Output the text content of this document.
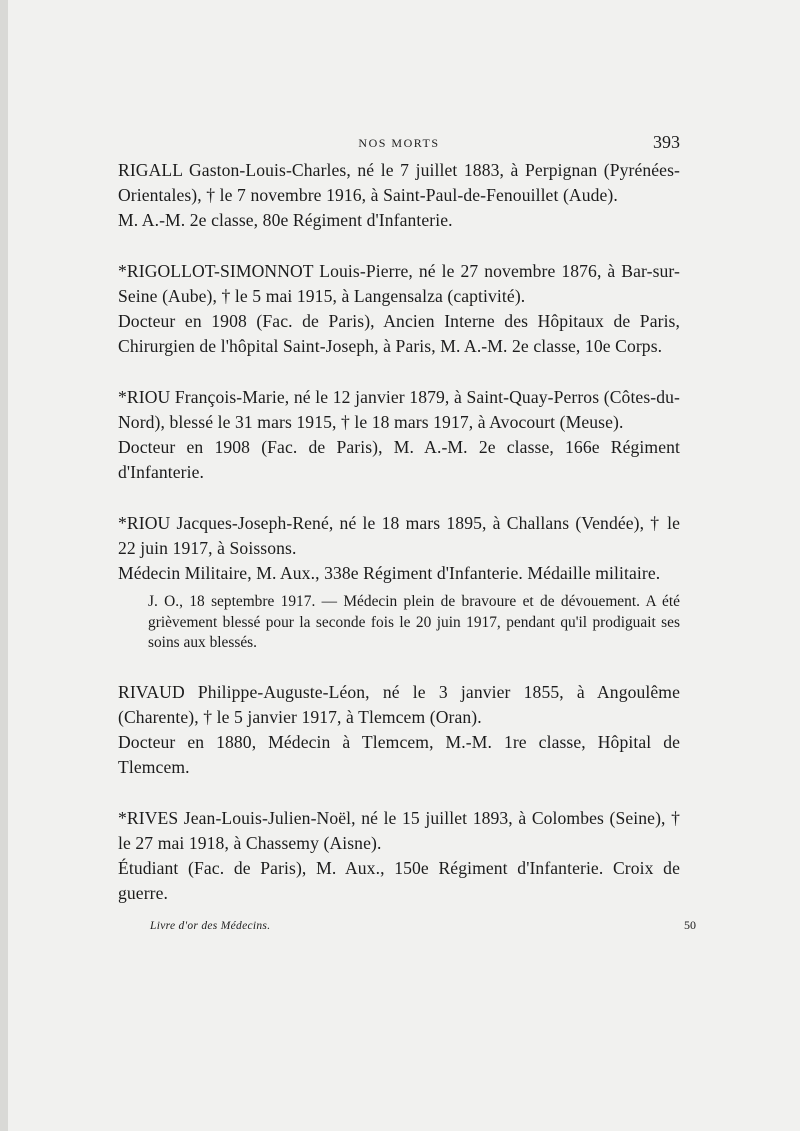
NOS MORTS	393

RIGALL Gaston-Louis-Charles, né le 7 juillet 1883, à Perpignan (Pyrénées-Orientales), † le 7 novembre 1916, à Saint-Paul-de-Fenouillet (Aude).

M. A.-M. 2e classe, 80e Régiment d'Infanterie.

*RIGOLLOT-SIMONNOT Louis-Pierre, né le 27 novembre 1876, à Bar-sur-Seine (Aube), † le 5 mai 1915, à Langensalza (captivité).

Docteur en 1908 (Fac. de Paris), Ancien Interne des Hôpitaux de Paris, Chirurgien de l'hôpital Saint-Joseph, à Paris, M. A.-M. 2e classe, 10e Corps.

*RIOU François-Marie, né le 12 janvier 1879, à Saint-Quay-Perros (Côtes-du-Nord), blessé le 31 mars 1915, † le 18 mars 1917, à Avocourt (Meuse).

Docteur en 1908 (Fac. de Paris), M. A.-M. 2e classe, 166e Régiment d'Infanterie.

*RIOU Jacques-Joseph-René, né le 18 mars 1895, à Challans (Vendée), † le 22 juin 1917, à Soissons.

Médecin Militaire, M. Aux., 338e Régiment d'Infanterie. Médaille militaire.

J. O., 18 septembre 1917. — Médecin plein de bravoure et de dévouement. A été grièvement blessé pour la seconde fois le 20 juin 1917, pendant qu'il prodiguait ses soins aux blessés.

RIVAUD Philippe-Auguste-Léon, né le 3 janvier 1855, à Angoulême (Charente), † le 5 janvier 1917, à Tlemcem (Oran).

Docteur en 1880, Médecin à Tlemcem, M.-M. 1re classe, Hôpital de Tlemcem.

*RIVES Jean-Louis-Julien-Noël, né le 15 juillet 1893, à Colombes (Seine), † le 27 mai 1918, à Chassemy (Aisne).

Étudiant (Fac. de Paris), M. Aux., 150e Régiment d'Infanterie. Croix de guerre.

Livre d'or des Médecins.	50
